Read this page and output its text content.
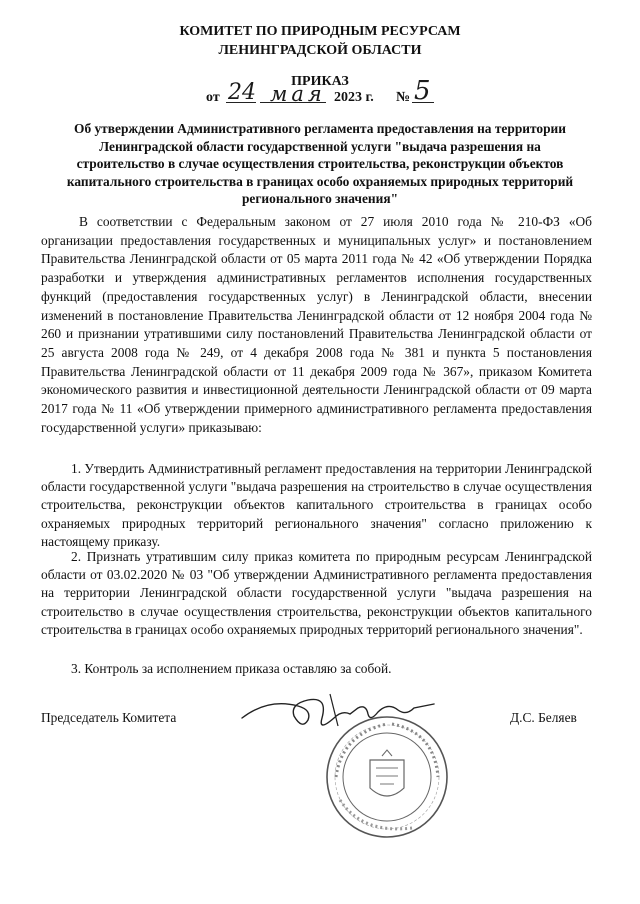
КОМИТЕТ ПО ПРИРОДНЫМ РЕСУРСАМ
ЛЕНИНГРАДСКОЙ ОБЛАСТИ
ПРИКАЗ
от 24 мая 2023 г. № 5
Об утверждении Административного регламента предоставления на территории Ленинградской области государственной услуги "выдача разрешения на строительство в случае осуществления строительства, реконструкции объектов капитального строительства в границах особо охраняемых природных территорий регионального значения"
В соответствии с Федеральным законом от 27 июля 2010 года № 210-ФЗ «Об организации предоставления государственных и муниципальных услуг» и постановлением Правительства Ленинградской области от 05 марта 2011 года № 42 «Об утверждении Порядка разработки и утверждения административных регламентов исполнения государственных функций (предоставления государственных услуг) в Ленинградской области, внесении изменений в постановление Правительства Ленинградской области от 12 ноября 2004 года № 260 и признании утратившими силу постановлений Правительства Ленинградской области от 25 августа 2008 года № 249, от 4 декабря 2008 года № 381 и пункта 5 постановления Правительства Ленинградской области от 11 декабря 2009 года № 367», приказом Комитета экономического развития и инвестиционной деятельности Ленинградской области от 09 марта 2017 года № 11 «Об утверждении примерного административного регламента предоставления государственной услуги» приказываю:
1. Утвердить Административный регламент предоставления на территории Ленинградской области государственной услуги "выдача разрешения на строительство в случае осуществления строительства, реконструкции объектов капитального строительства в границах особо охраняемых природных территорий регионального значения" согласно приложению к настоящему приказу.
2. Признать утратившим силу приказ комитета по природным ресурсам Ленинградской области от 03.02.2020 № 03 "Об утверждении Административного регламента предоставления на территории Ленинградской области государственной услуги "выдача разрешения на строительство в случае осуществления строительства, реконструкции объектов капитального строительства в границах особо охраняемых природных территорий регионального значения".
3. Контроль за исполнением приказа оставляю за собой.
Председатель Комитета	Д.С. Беляев
